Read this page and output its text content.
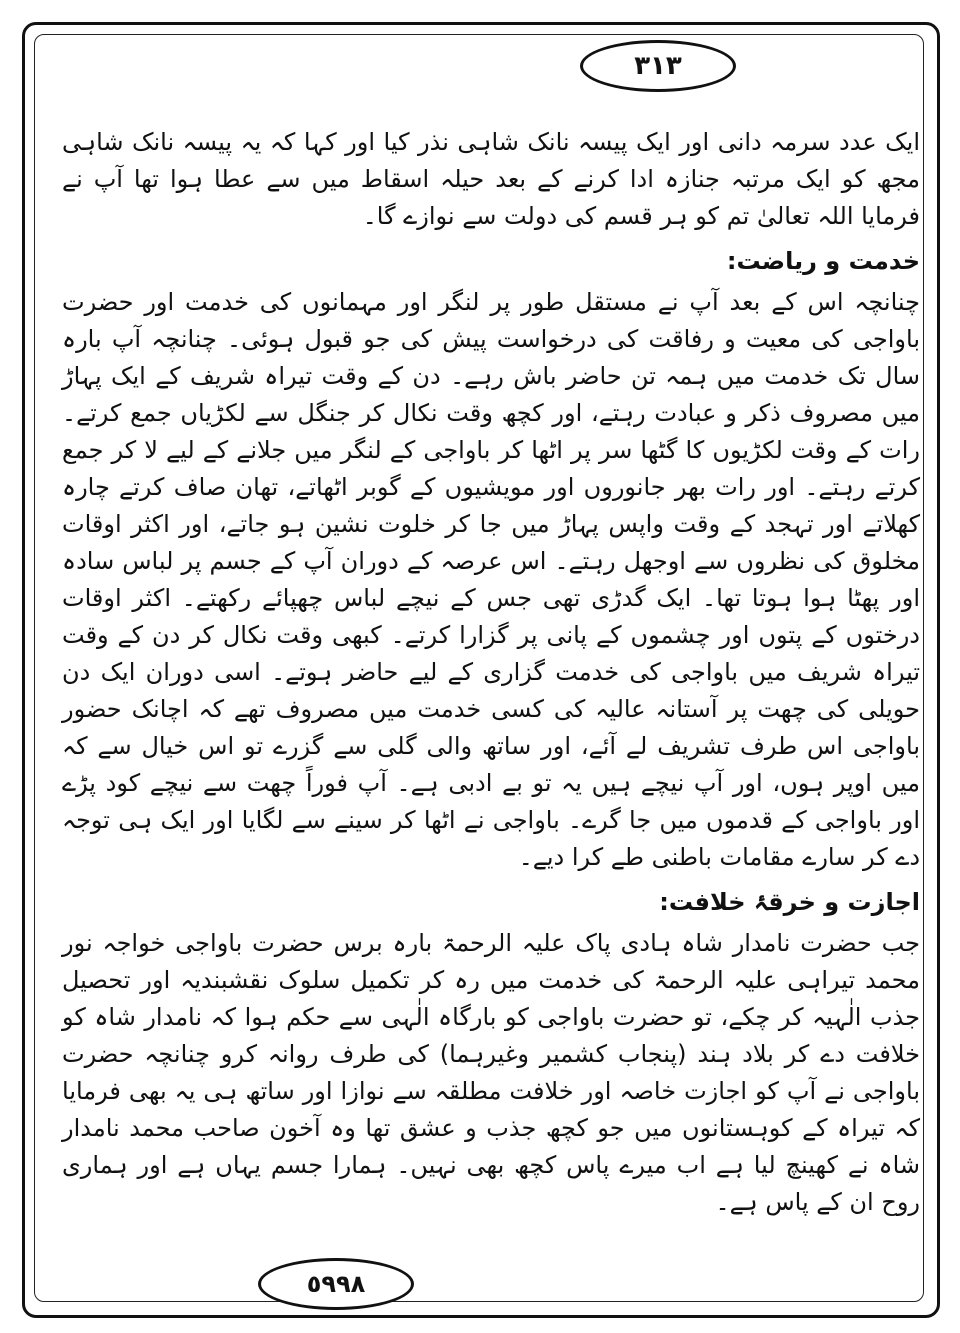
٣١٣

ایک عدد سرمہ دانی اور ایک پیسہ نانک شاہی نذر کیا اور کہا کہ یہ پیسہ نانک شاہی مجھ کو ایک مرتبہ جنازہ ادا کرنے کے بعد حیلہ اسقاط میں سے عطا ہوا تھا آپ نے فرمایا اللہ تعالیٰ تم کو ہر قسم کی دولت سے نوازے گا۔

خدمت و ریاضت:

چنانچہ اس کے بعد آپ نے مستقل طور پر لنگر اور مہمانوں کی خدمت اور حضرت باواجی کی معیت و رفاقت کی درخواست پیش کی جو قبول ہوئی۔ چنانچہ آپ بارہ سال تک خدمت میں ہمہ تن حاضر باش رہے۔ دن کے وقت تیراہ شریف کے ایک پہاڑ میں مصروف ذکر و عبادت رہتے، اور کچھ وقت نکال کر جنگل سے لکڑیاں جمع کرتے۔ رات کے وقت لکڑیوں کا گٹھا سر پر اٹھا کر باواجی کے لنگر میں جلانے کے لیے لا کر جمع کرتے رہتے۔ اور رات بھر جانوروں اور مویشیوں کے گوبر اٹھاتے، تھان صاف کرتے چارہ کھلاتے اور تہجد کے وقت واپس پہاڑ میں جا کر خلوت نشین ہو جاتے، اور اکثر اوقات مخلوق کی نظروں سے اوجھل رہتے۔ اس عرصہ کے دوران آپ کے جسم پر لباس سادہ اور پھٹا ہوا ہوتا تھا۔ ایک گدڑی تھی جس کے نیچے لباس چھپائے رکھتے۔ اکثر اوقات درختوں کے پتوں اور چشموں کے پانی پر گزارا کرتے۔ کبھی وقت نکال کر دن کے وقت تیراہ شریف میں باواجی کی خدمت گزاری کے لیے حاضر ہوتے۔ اسی دوران ایک دن حویلی کی چھت پر آستانہ عالیہ کی کسی خدمت میں مصروف تھے کہ اچانک حضور باواجی اس طرف تشریف لے آئے، اور ساتھ والی گلی سے گزرے تو اس خیال سے کہ میں اوپر ہوں، اور آپ نیچے ہیں یہ تو بے ادبی ہے۔ آپ فوراً چھت سے نیچے کود پڑے اور باواجی کے قدموں میں جا گرے۔ باواجی نے اٹھا کر سینے سے لگایا اور ایک ہی توجہ دے کر سارے مقامات باطنی طے کرا دیے۔

اجازت و خرقۂ خلافت:

جب حضرت نامدار شاہ ہادی پاک علیہ الرحمۃ بارہ برس حضرت باواجی خواجہ نور محمد تیراہی علیہ الرحمۃ کی خدمت میں رہ کر تکمیل سلوک نقشبندیہ اور تحصیل جذب الٰہیہ کر چکے، تو حضرت باواجی کو بارگاہ الٰہی سے حکم ہوا کہ نامدار شاہ کو خلافت دے کر بلاد ہند (پنجاب کشمیر وغیرہما) کی طرف روانہ کرو چنانچہ حضرت باواجی نے آپ کو اجازت خاصہ اور خلافت مطلقہ سے نوازا اور ساتھ ہی یہ بھی فرمایا کہ تیراہ کے کوہستانوں میں جو کچھ جذب و عشق تھا وہ آخون صاحب محمد نامدار شاہ نے کھینچ لیا ہے اب میرے پاس کچھ بھی نہیں۔ ہمارا جسم یہاں ہے اور ہماری روح ان کے پاس ہے۔

٥٩٩٨
